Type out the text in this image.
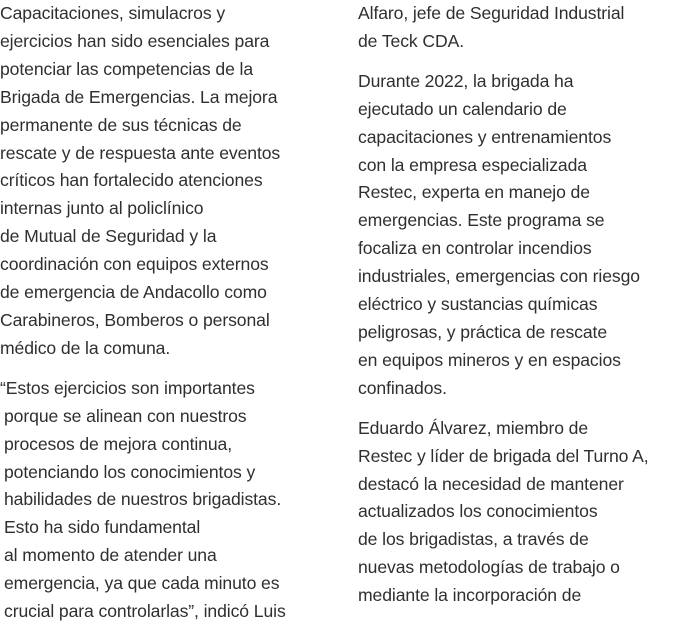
Capacitaciones, simulacros y
ejercicios han sido esenciales para
potenciar las competencias de la
Brigada de Emergencias. La mejora
permanente de sus técnicas de
rescate y de respuesta ante eventos
críticos han fortalecido atenciones
internas junto al policlínico
de Mutual de Seguridad y la
coordinación con equipos externos
de emergencia de Andacollo como
Carabineros, Bomberos o personal
médico de la comuna.

“Estos ejercicios son importantes
porque se alinean con nuestros
procesos de mejora continua,
potenciando los conocimientos y
habilidades de nuestros brigadistas.
Esto ha sido fundamental
al momento de atender una
emergencia, ya que cada minuto es
crucial para controlarlas”, indicó Luis

Alfaro, jefe de Seguridad Industrial
de Teck CDA.

Durante 2022, la brigada ha
ejecutado un calendario de
capacitaciones y entrenamientos
con la empresa especializada
Restec, experta en manejo de
emergencias. Este programa se
focaliza en controlar incendios
industriales, emergencias con riesgo
eléctrico y sustancias químicas
peligrosas, y práctica de rescate
en equipos mineros y en espacios
confinados.

Eduardo Álvarez, miembro de
Restec y líder de brigada del Turno A,
destacó la necesidad de mantener
actualizados los conocimientos
de los brigadistas, a través de
nuevas metodologías de trabajo o
mediante la incorporación de
